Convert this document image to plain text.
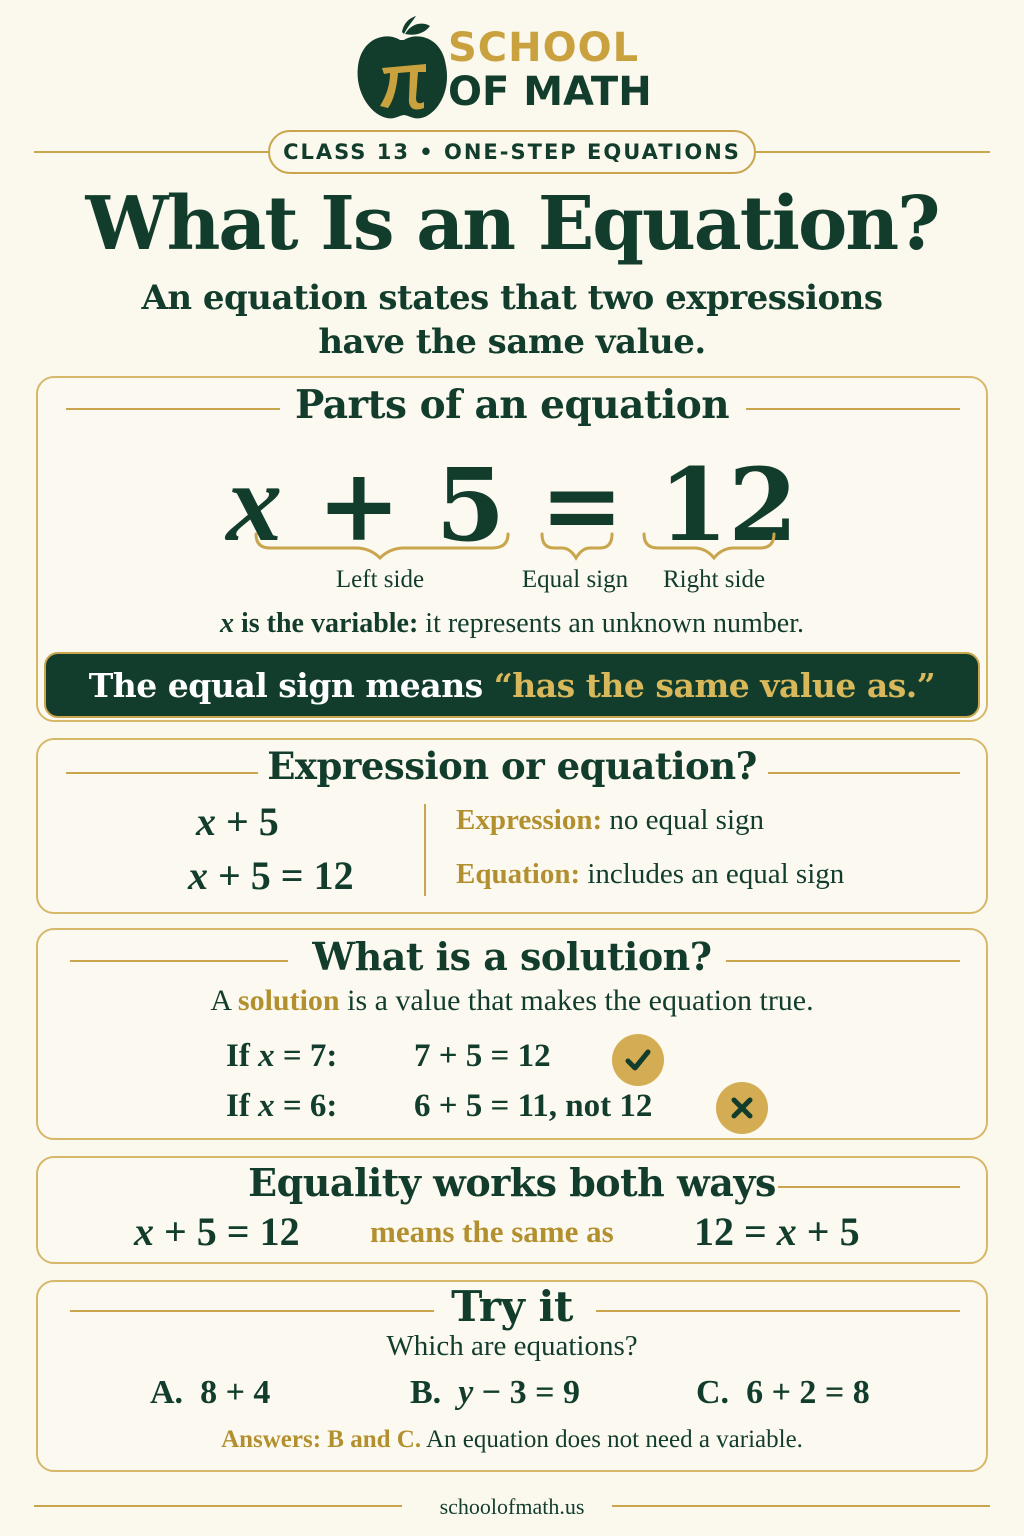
SCHOOL
OF MATH
CLASS 13 • ONE-STEP EQUATIONS
What Is an Equation?
An equation states that two expressions
have the same value.
Parts of an equation
x + 5 = 12
Left side	Equal sign	Right side
x is the variable: it represents an unknown number.
The equal sign means
“has the same value as.”
Expression or equation?
x + 5
x + 5 = 12
Expression: no equal sign
Equation: includes an equal sign
What is a solution?
A solution is a value that makes the equation true.
If x = 7: 7 + 5 = 12
If x = 6: 6 + 5 = 11, not 12
Equality works both ways
x + 5 = 12 means the same as 12 = x + 5
Try it
Which are equations?
A. 8 + 4	B. y − 3 = 9	C. 6 + 2 = 8
Answers: B and C. An equation does not need a variable.
schoolofmath.us
